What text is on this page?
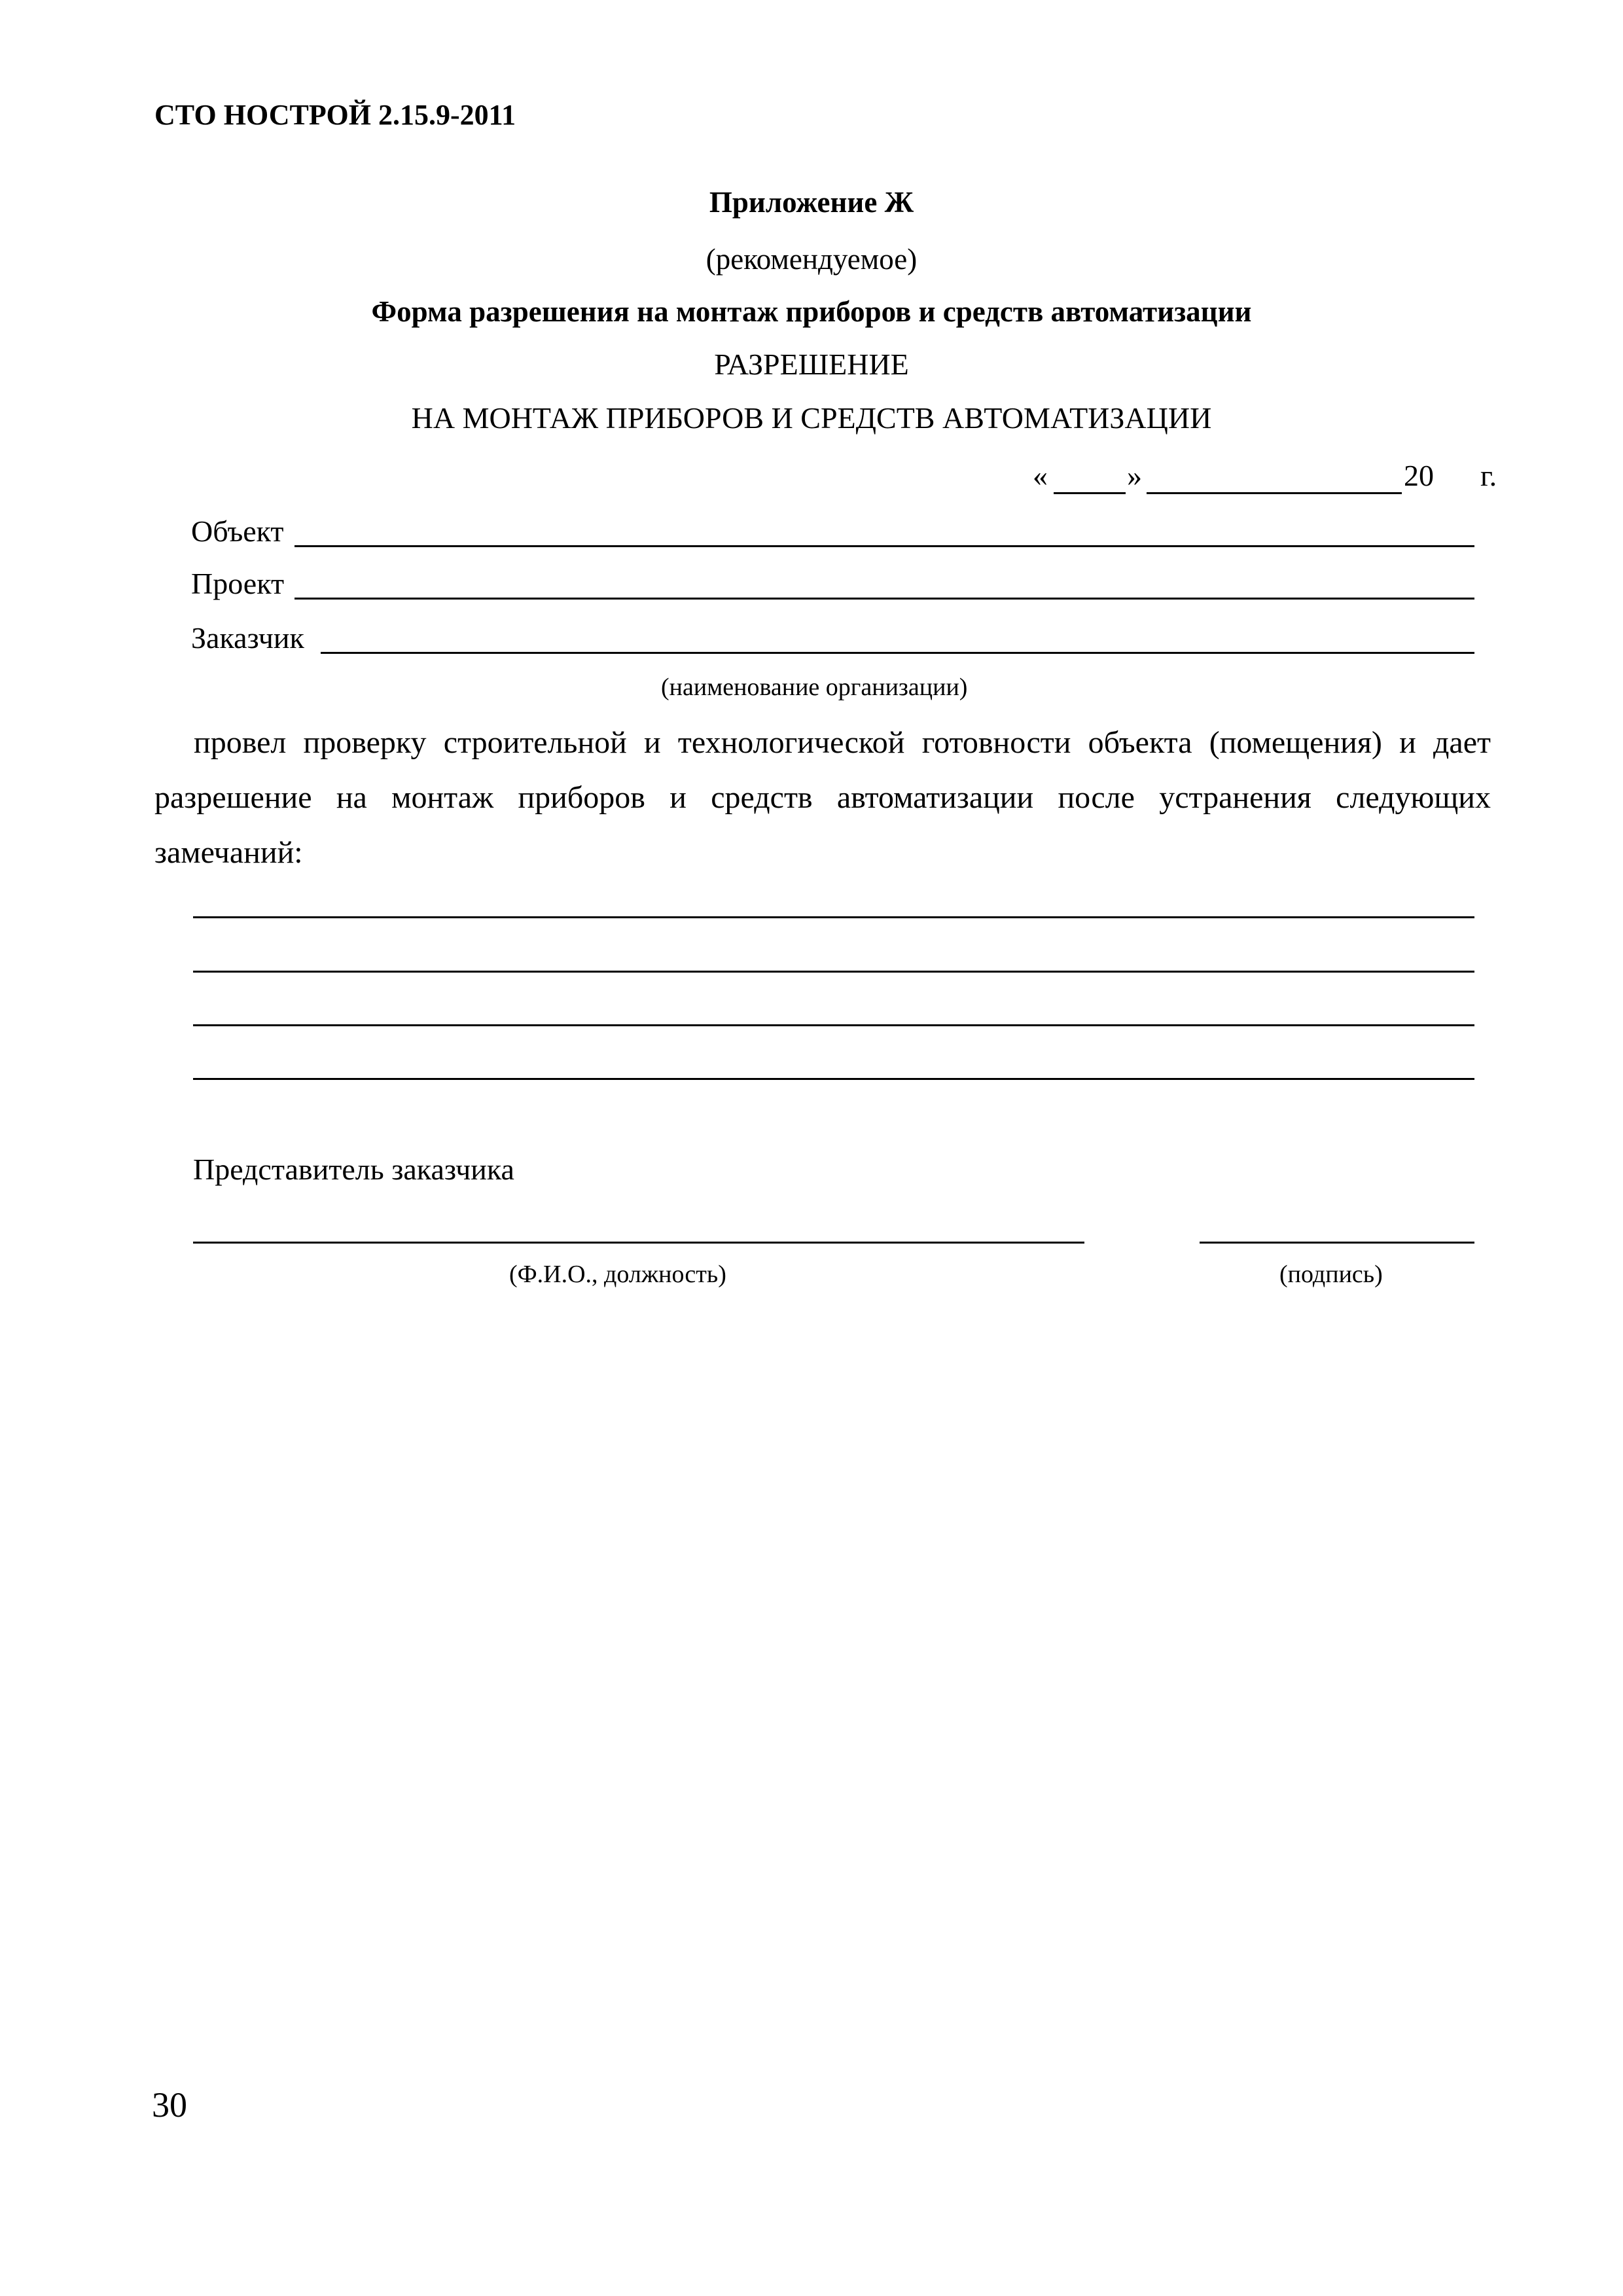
СТО НОСТРОЙ 2.15.9-2011
Приложение Ж
(рекомендуемое)
Форма разрешения на монтаж приборов и средств автоматизации
РАЗРЕШЕНИЕ
НА МОНТАЖ ПРИБОРОВ И СРЕДСТВ АВТОМАТИЗАЦИИ
«	»	20 г.
Объект
Проект
Заказчик
(наименование организации)
провел проверку строительной и технологической готовности объекта (помещения) и дает разрешение на монтаж приборов и средств автоматизации после устранения следующих замечаний:
Представитель заказчика
(Ф.И.О., должность)	(подпись)
30
